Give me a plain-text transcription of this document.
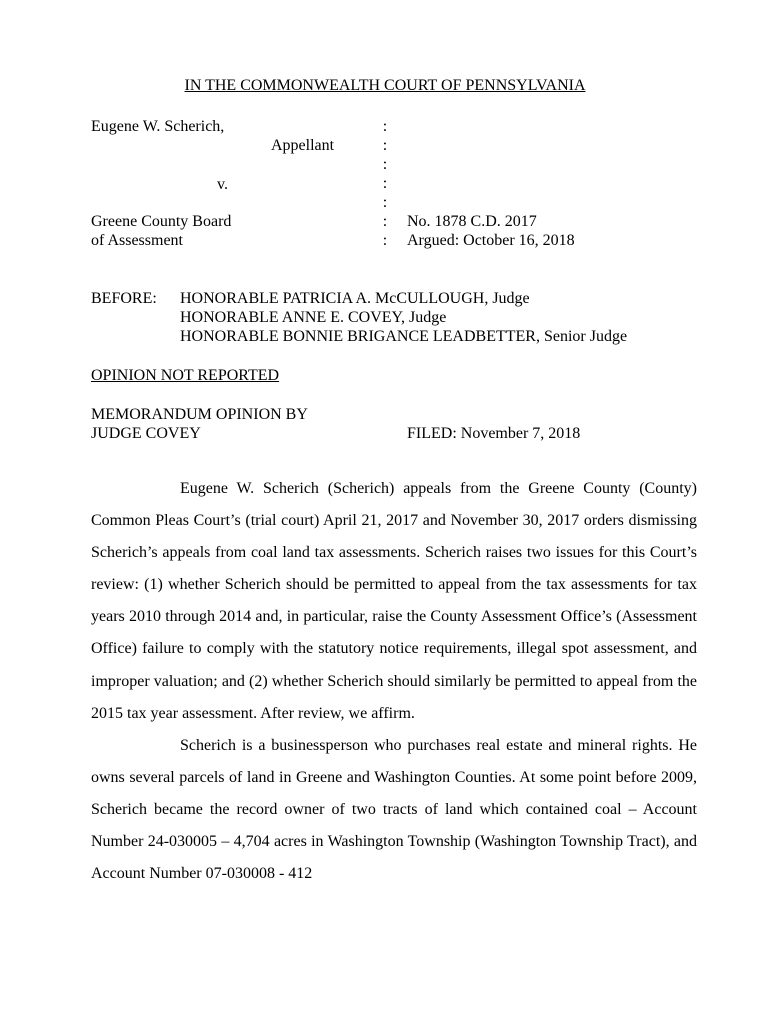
IN THE COMMONWEALTH COURT OF PENNSYLVANIA
Eugene W. Scherich,
Appellant
v.
Greene County Board
of Assessment
:
:
:
:
:
:
:
No. 1878 C.D. 2017
Argued: October 16, 2018
BEFORE: HONORABLE PATRICIA A. McCULLOUGH, Judge
HONORABLE ANNE E. COVEY, Judge
HONORABLE BONNIE BRIGANCE LEADBETTER, Senior Judge
OPINION NOT REPORTED
MEMORANDUM OPINION BY
JUDGE COVEY	FILED: November 7, 2018

Eugene W. Scherich (Scherich) appeals from the Greene County (County) Common Pleas Court’s (trial court) April 21, 2017 and November 30, 2017 orders dismissing Scherich’s appeals from coal land tax assessments. Scherich raises two issues for this Court’s review: (1) whether Scherich should be permitted to appeal from the tax assessments for tax years 2010 through 2014 and, in particular, raise the County Assessment Office’s (Assessment Office) failure to comply with the statutory notice requirements, illegal spot assessment, and improper valuation; and (2) whether Scherich should similarly be permitted to appeal from the 2015 tax year assessment. After review, we affirm.

Scherich is a businessperson who purchases real estate and mineral rights. He owns several parcels of land in Greene and Washington Counties. At some point before 2009, Scherich became the record owner of two tracts of land which contained coal – Account Number 24-030005 – 4,704 acres in Washington Township (Washington Township Tract), and Account Number 07-030008 - 412
